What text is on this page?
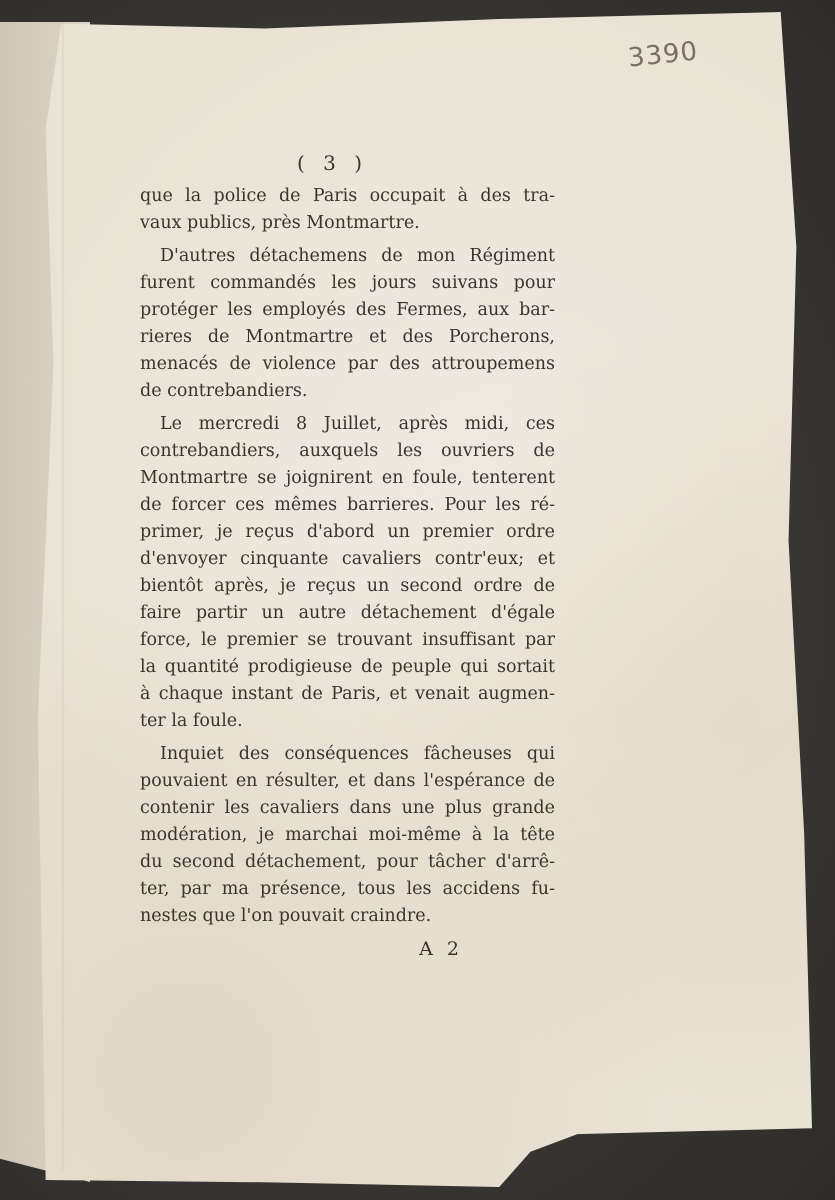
3390
( 3 )
que la police de Paris occupait à des tra-
vaux publics, près Montmartre.
D'autres détachemens de mon Régiment
furent commandés les jours suivans pour
protéger les employés des Fermes, aux bar-
rieres de Montmartre et des Porcherons,
menacés de violence par des attroupemens
de contrebandiers.
Le mercredi 8 Juillet, après midi, ces
contrebandiers, auxquels les ouvriers de
Montmartre se joignirent en foule, tenterent
de forcer ces mêmes barrieres. Pour les ré-
primer, je reçus d'abord un premier ordre
d'envoyer cinquante cavaliers contr'eux; et
bientôt après, je reçus un second ordre de
faire partir un autre détachement d'égale
force, le premier se trouvant insuffisant par
la quantité prodigieuse de peuple qui sortait
à chaque instant de Paris, et venait augmen-
ter la foule.
Inquiet des conséquences fâcheuses qui
pouvaient en résulter, et dans l'espérance de
contenir les cavaliers dans une plus grande
modération, je marchai moi-même à la tête
du second détachement, pour tâcher d'arrê-
ter, par ma présence, tous les accidens fu-
nestes que l'on pouvait craindre.
A 2
